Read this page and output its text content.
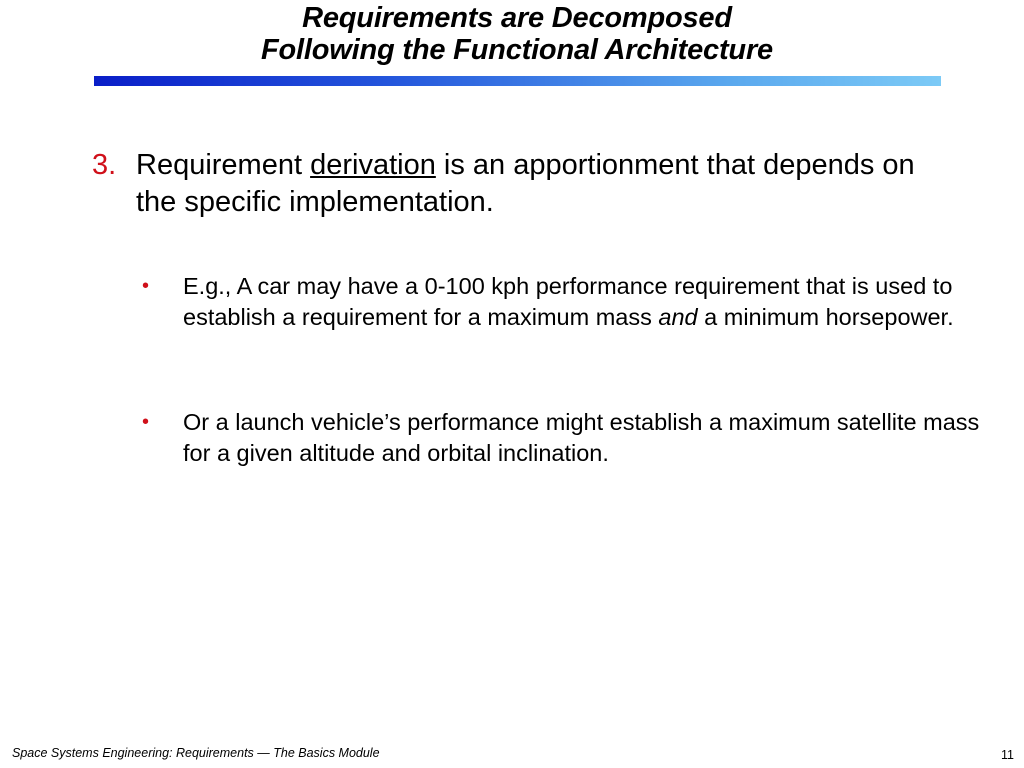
Requirements are Decomposed
Following the Functional Architecture
3. Requirement derivation is an apportionment that depends on the specific implementation.
• E.g., A car may have a 0-100 kph performance requirement that is used to establish a requirement for a maximum mass and a minimum horsepower.
• Or a launch vehicle’s performance might establish a maximum satellite mass for a given altitude and orbital inclination.
Space Systems Engineering: Requirements — The Basics Module	11
